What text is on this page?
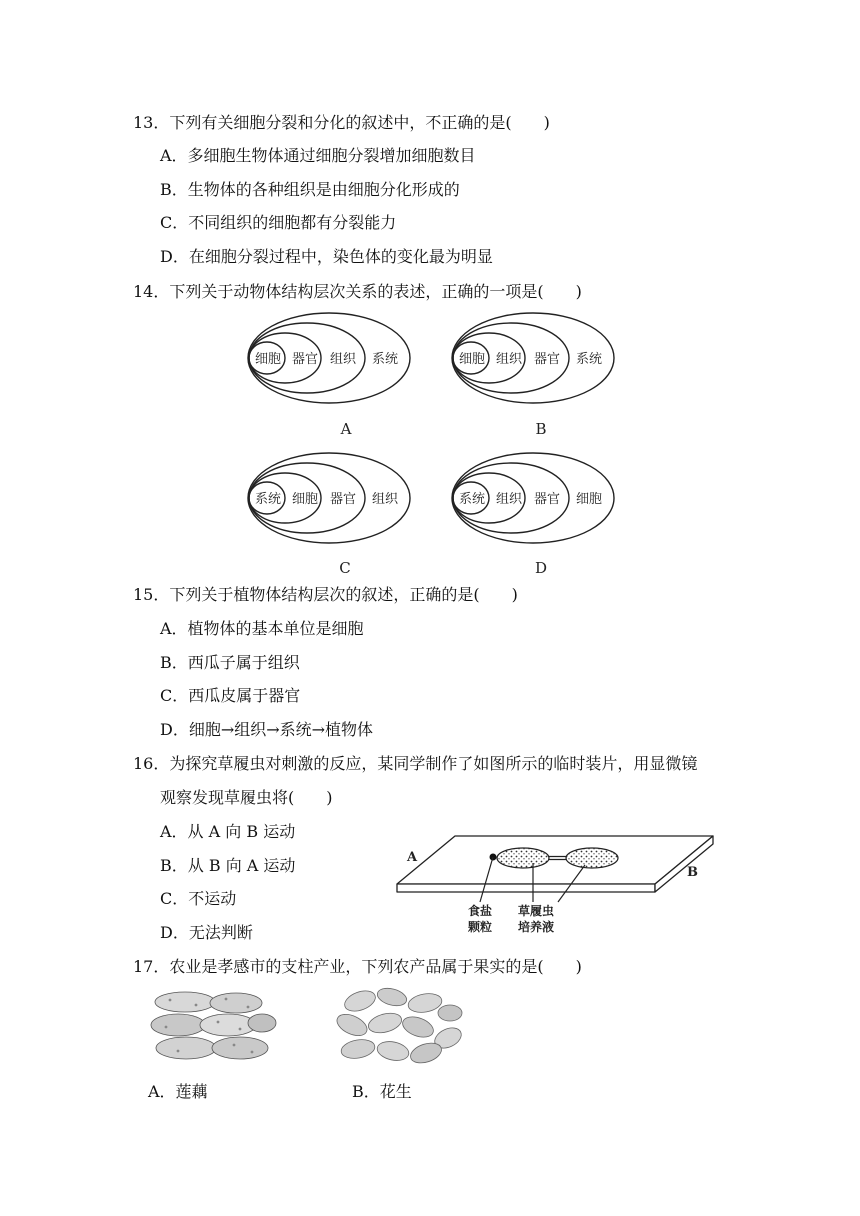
13．下列有关细胞分裂和分化的叙述中，不正确的是(　　)
A．多细胞生物体通过细胞分裂增加细胞数目
B．生物体的各种组织是由细胞分化形成的
C．不同组织的细胞都有分裂能力
D．在细胞分裂过程中，染色体的变化最为明显
14．下列关于动物体结构层次关系的表述，正确的一项是(　　)
细胞 器官 组织 系统
A
细胞 组织 器官 系统
B
系统 细胞 器官 组织
C
系统 组织 器官 细胞
D
15．下列关于植物体结构层次的叙述，正确的是(　　)
A．植物体的基本单位是细胞
B．西瓜子属于组织
C．西瓜皮属于器官
D．细胞→组织→系统→植物体
16．为探究草履虫对刺激的反应，某同学制作了如图所示的临时装片，用显微镜
观察发现草履虫将(　　)
A．从 A 向 B 运动
B．从 B 向 A 运动
C．不运动
D．无法判断
A
B
食盐
颗粒
草履虫
培养液
17．农业是孝感市的支柱产业，下列农产品属于果实的是(　　)
A．莲藕	B．花生
